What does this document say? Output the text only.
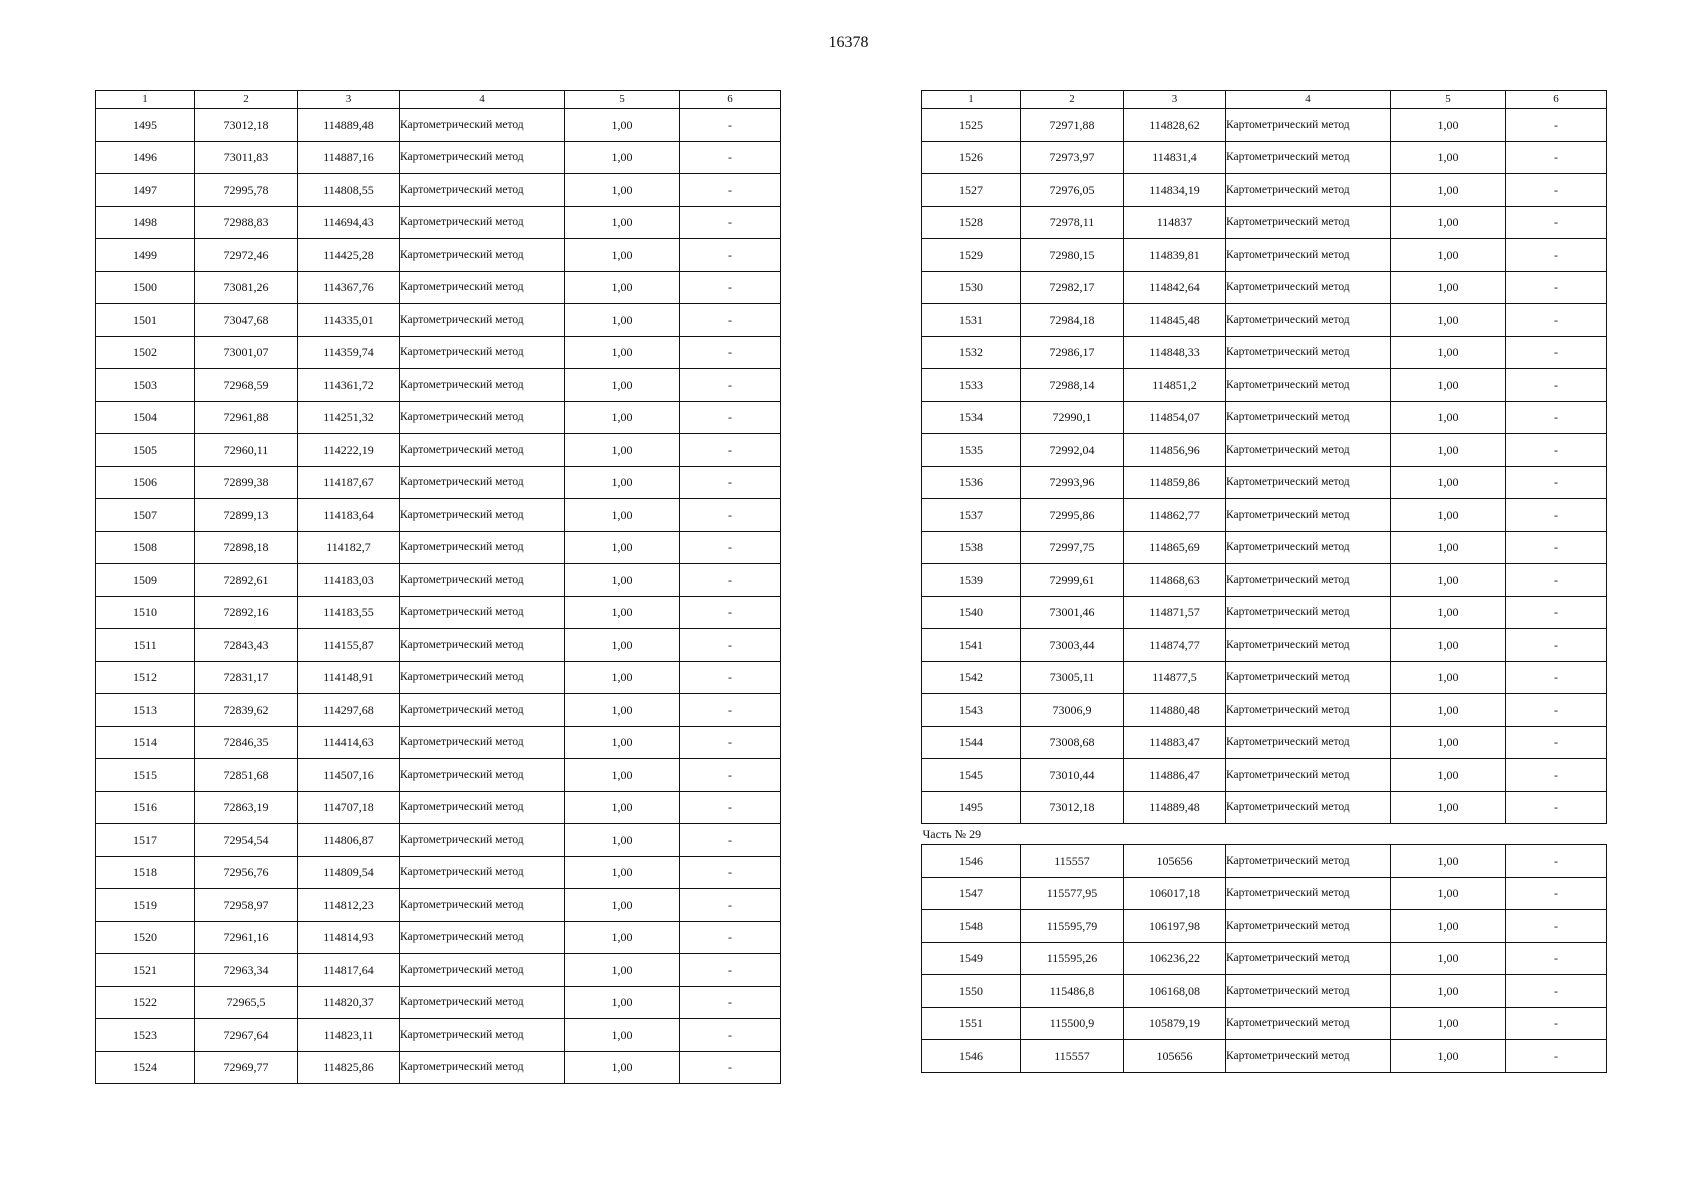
16378
1	2	3	4	5	6
1495	73012,18	114889,48	Картометрический метод	1,00	-
1496	73011,83	114887,16	Картометрический метод	1,00	-
1497	72995,78	114808,55	Картометрический метод	1,00	-
1498	72988,83	114694,43	Картометрический метод	1,00	-
1499	72972,46	114425,28	Картометрический метод	1,00	-
1500	73081,26	114367,76	Картометрический метод	1,00	-
1501	73047,68	114335,01	Картометрический метод	1,00	-
1502	73001,07	114359,74	Картометрический метод	1,00	-
1503	72968,59	114361,72	Картометрический метод	1,00	-
1504	72961,88	114251,32	Картометрический метод	1,00	-
1505	72960,11	114222,19	Картометрический метод	1,00	-
1506	72899,38	114187,67	Картометрический метод	1,00	-
1507	72899,13	114183,64	Картометрический метод	1,00	-
1508	72898,18	114182,7	Картометрический метод	1,00	-
1509	72892,61	114183,03	Картометрический метод	1,00	-
1510	72892,16	114183,55	Картометрический метод	1,00	-
1511	72843,43	114155,87	Картометрический метод	1,00	-
1512	72831,17	114148,91	Картометрический метод	1,00	-
1513	72839,62	114297,68	Картометрический метод	1,00	-
1514	72846,35	114414,63	Картометрический метод	1,00	-
1515	72851,68	114507,16	Картометрический метод	1,00	-
1516	72863,19	114707,18	Картометрический метод	1,00	-
1517	72954,54	114806,87	Картометрический метод	1,00	-
1518	72956,76	114809,54	Картометрический метод	1,00	-
1519	72958,97	114812,23	Картометрический метод	1,00	-
1520	72961,16	114814,93	Картометрический метод	1,00	-
1521	72963,34	114817,64	Картометрический метод	1,00	-
1522	72965,5	114820,37	Картометрический метод	1,00	-
1523	72967,64	114823,11	Картометрический метод	1,00	-
1524	72969,77	114825,86	Картометрический метод	1,00	-
1	2	3	4	5	6
1525	72971,88	114828,62	Картометрический метод	1,00	-
1526	72973,97	114831,4	Картометрический метод	1,00	-
1527	72976,05	114834,19	Картометрический метод	1,00	-
1528	72978,11	114837	Картометрический метод	1,00	-
1529	72980,15	114839,81	Картометрический метод	1,00	-
1530	72982,17	114842,64	Картометрический метод	1,00	-
1531	72984,18	114845,48	Картометрический метод	1,00	-
1532	72986,17	114848,33	Картометрический метод	1,00	-
1533	72988,14	114851,2	Картометрический метод	1,00	-
1534	72990,1	114854,07	Картометрический метод	1,00	-
1535	72992,04	114856,96	Картометрический метод	1,00	-
1536	72993,96	114859,86	Картометрический метод	1,00	-
1537	72995,86	114862,77	Картометрический метод	1,00	-
1538	72997,75	114865,69	Картометрический метод	1,00	-
1539	72999,61	114868,63	Картометрический метод	1,00	-
1540	73001,46	114871,57	Картометрический метод	1,00	-
1541	73003,44	114874,77	Картометрический метод	1,00	-
1542	73005,11	114877,5	Картометрический метод	1,00	-
1543	73006,9	114880,48	Картометрический метод	1,00	-
1544	73008,68	114883,47	Картометрический метод	1,00	-
1545	73010,44	114886,47	Картометрический метод	1,00	-
1495	73012,18	114889,48	Картометрический метод	1,00	-
Часть № 29					
1546	115557	105656	Картометрический метод	1,00	-
1547	115577,95	106017,18	Картометрический метод	1,00	-
1548	115595,79	106197,98	Картометрический метод	1,00	-
1549	115595,26	106236,22	Картометрический метод	1,00	-
1550	115486,8	106168,08	Картометрический метод	1,00	-
1551	115500,9	105879,19	Картометрический метод	1,00	-
1546	115557	105656	Картометрический метод	1,00	-
